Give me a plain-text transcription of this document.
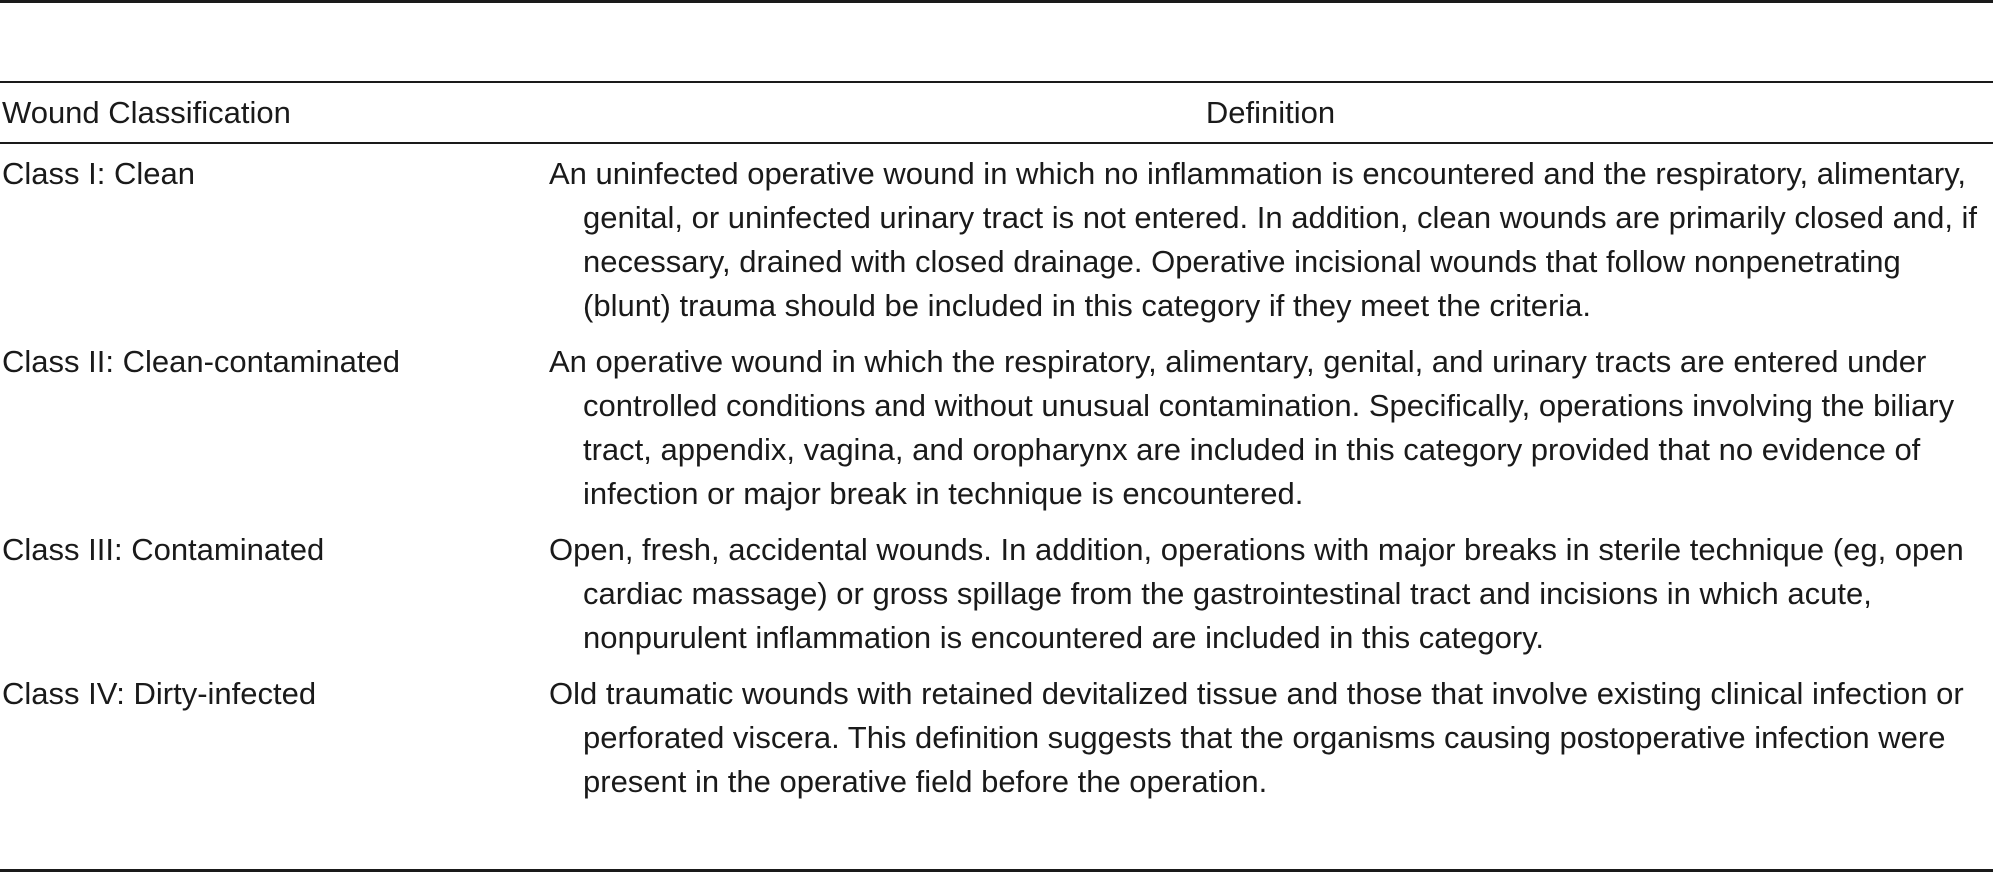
Wound Classification	Definition
Class I: Clean	An uninfected operative wound in which no inflammation is encountered and the respiratory, alimentary, genital, or uninfected urinary tract is not entered. In addition, clean wounds are primarily closed and, if necessary, drained with closed drainage. Operative incisional wounds that follow nonpenetrating (blunt) trauma should be included in this category if they meet the criteria.
Class II: Clean-contaminated	An operative wound in which the respiratory, alimentary, genital, and urinary tracts are entered under controlled conditions and without unusual contamination. Specifically, operations involving the biliary tract, appendix, vagina, and oropharynx are included in this category provided that no evidence of infection or major break in technique is encountered.
Class III: Contaminated	Open, fresh, accidental wounds. In addition, operations with major breaks in sterile technique (eg, open cardiac massage) or gross spillage from the gastrointestinal tract and incisions in which acute, nonpurulent inflammation is encountered are included in this category.
Class IV: Dirty-infected	Old traumatic wounds with retained devitalized tissue and those that involve existing clinical infection or perforated viscera. This definition suggests that the organisms causing postoperative infection were present in the operative field before the operation.
